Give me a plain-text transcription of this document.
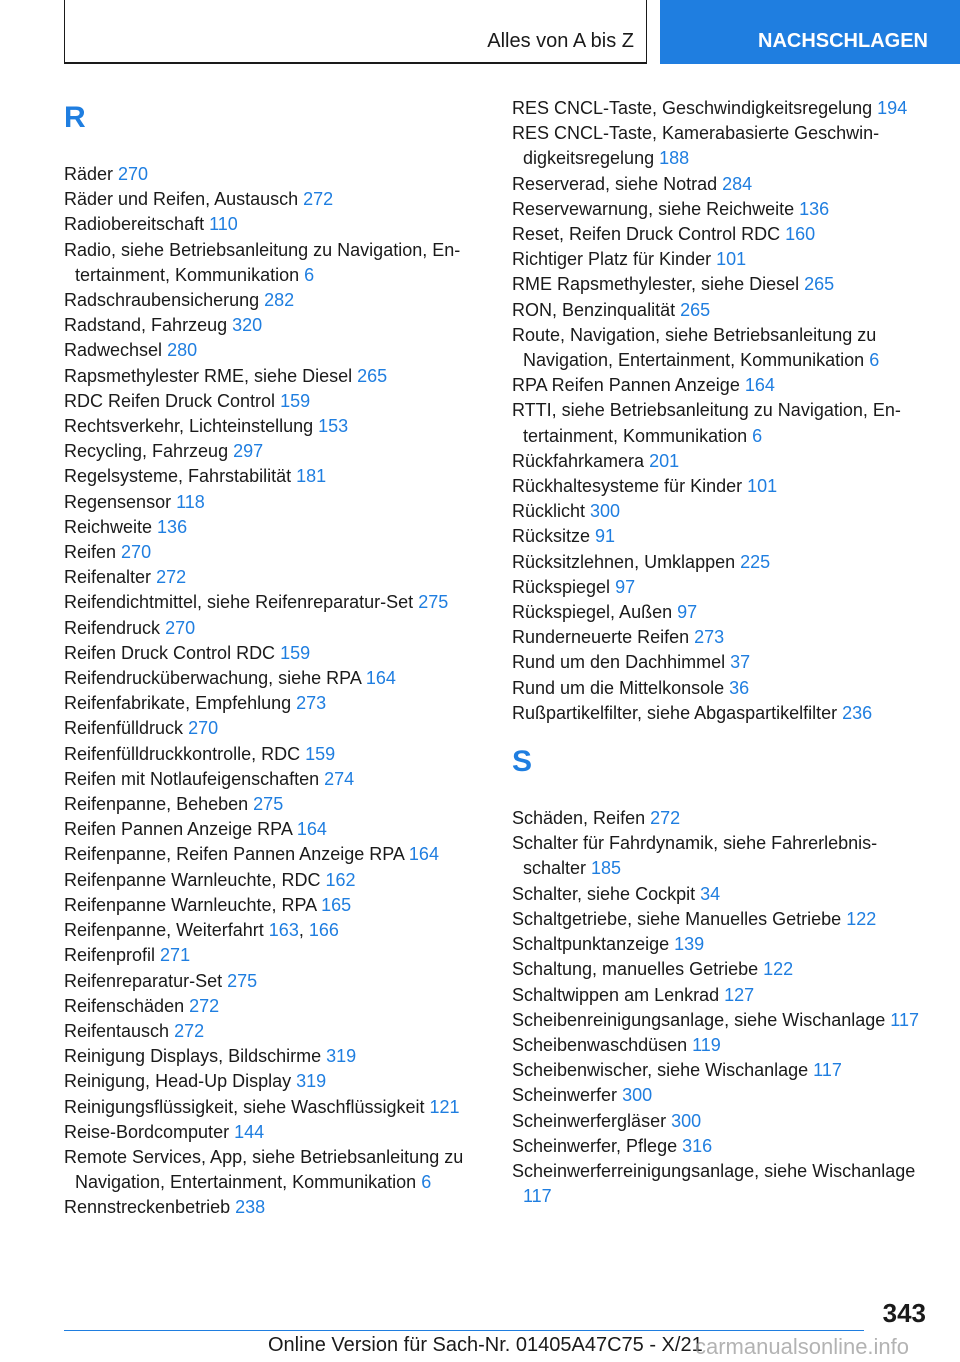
Alles von A bis Z	NACHSCHLAGEN
R
Räder 270
Räder und Reifen, Austausch 272
Radiobereitschaft 110
Radio, siehe Betriebsanleitung zu Navigation, Entertainment, Kommunikation 6
Radschraubensicherung 282
Radstand, Fahrzeug 320
Radwechsel 280
Rapsmethylester RME, siehe Diesel 265
RDC Reifen Druck Control 159
Rechtsverkehr, Lichteinstellung 153
Recycling, Fahrzeug 297
Regelsysteme, Fahrstabilität 181
Regensensor 118
Reichweite 136
Reifen 270
Reifenalter 272
Reifendichtmittel, siehe Reifenreparatur-Set 275
Reifendruck 270
Reifen Druck Control RDC 159
Reifendrucküberwachung, siehe RPA 164
Reifenfabrikate, Empfehlung 273
Reifenfülldruck 270
Reifenfülldruckkontrolle, RDC 159
Reifen mit Notlaufeigenschaften 274
Reifenpanne, Beheben 275
Reifen Pannen Anzeige RPA 164
Reifenpanne, Reifen Pannen Anzeige RPA 164
Reifenpanne Warnleuchte, RDC 162
Reifenpanne Warnleuchte, RPA 165
Reifenpanne, Weiterfahrt 163, 166
Reifenprofil 271
Reifenreparatur-Set 275
Reifenschäden 272
Reifentausch 272
Reinigung Displays, Bildschirme 319
Reinigung, Head-Up Display 319
Reinigungsflüssigkeit, siehe Waschflüssigkeit 121
Reise-Bordcomputer 144
Remote Services, App, siehe Betriebsanleitung zu Navigation, Entertainment, Kommunikation 6
Rennstreckenbetrieb 238
RES CNCL-Taste, Geschwindigkeitsregelung 194
RES CNCL-Taste, Kamerabasierte Geschwindigkeitsregelung 188
Reserverad, siehe Notrad 284
Reservewarnung, siehe Reichweite 136
Reset, Reifen Druck Control RDC 160
Richtiger Platz für Kinder 101
RME Rapsmethylester, siehe Diesel 265
RON, Benzinqualität 265
Route, Navigation, siehe Betriebsanleitung zu Navigation, Entertainment, Kommunikation 6
RPA Reifen Pannen Anzeige 164
RTTI, siehe Betriebsanleitung zu Navigation, Entertainment, Kommunikation 6
Rückfahrkamera 201
Rückhaltesysteme für Kinder 101
Rücklicht 300
Rücksitze 91
Rücksitzlehnen, Umklappen 225
Rückspiegel 97
Rückspiegel, Außen 97
Runderneuerte Reifen 273
Rund um den Dachhimmel 37
Rund um die Mittelkonsole 36
Rußpartikelfilter, siehe Abgaspartikelfilter 236
S
Schäden, Reifen 272
Schalter für Fahrdynamik, siehe Fahrerlebnisschalter 185
Schalter, siehe Cockpit 34
Schaltgetriebe, siehe Manuelles Getriebe 122
Schaltpunktanzeige 139
Schaltung, manuelles Getriebe 122
Schaltwippen am Lenkrad 127
Scheibenreinigungsanlage, siehe Wischanlage 117
Scheibenwaschdüsen 119
Scheibenwischer, siehe Wischanlage 117
Scheinwerfer 300
Scheinwerfergläser 300
Scheinwerfer, Pflege 316
Scheinwerferreinigungsanlage, siehe Wischanlage 117
343
Online Version für Sach-Nr. 01405A47C75 - X/21
carmanualsonline.info
